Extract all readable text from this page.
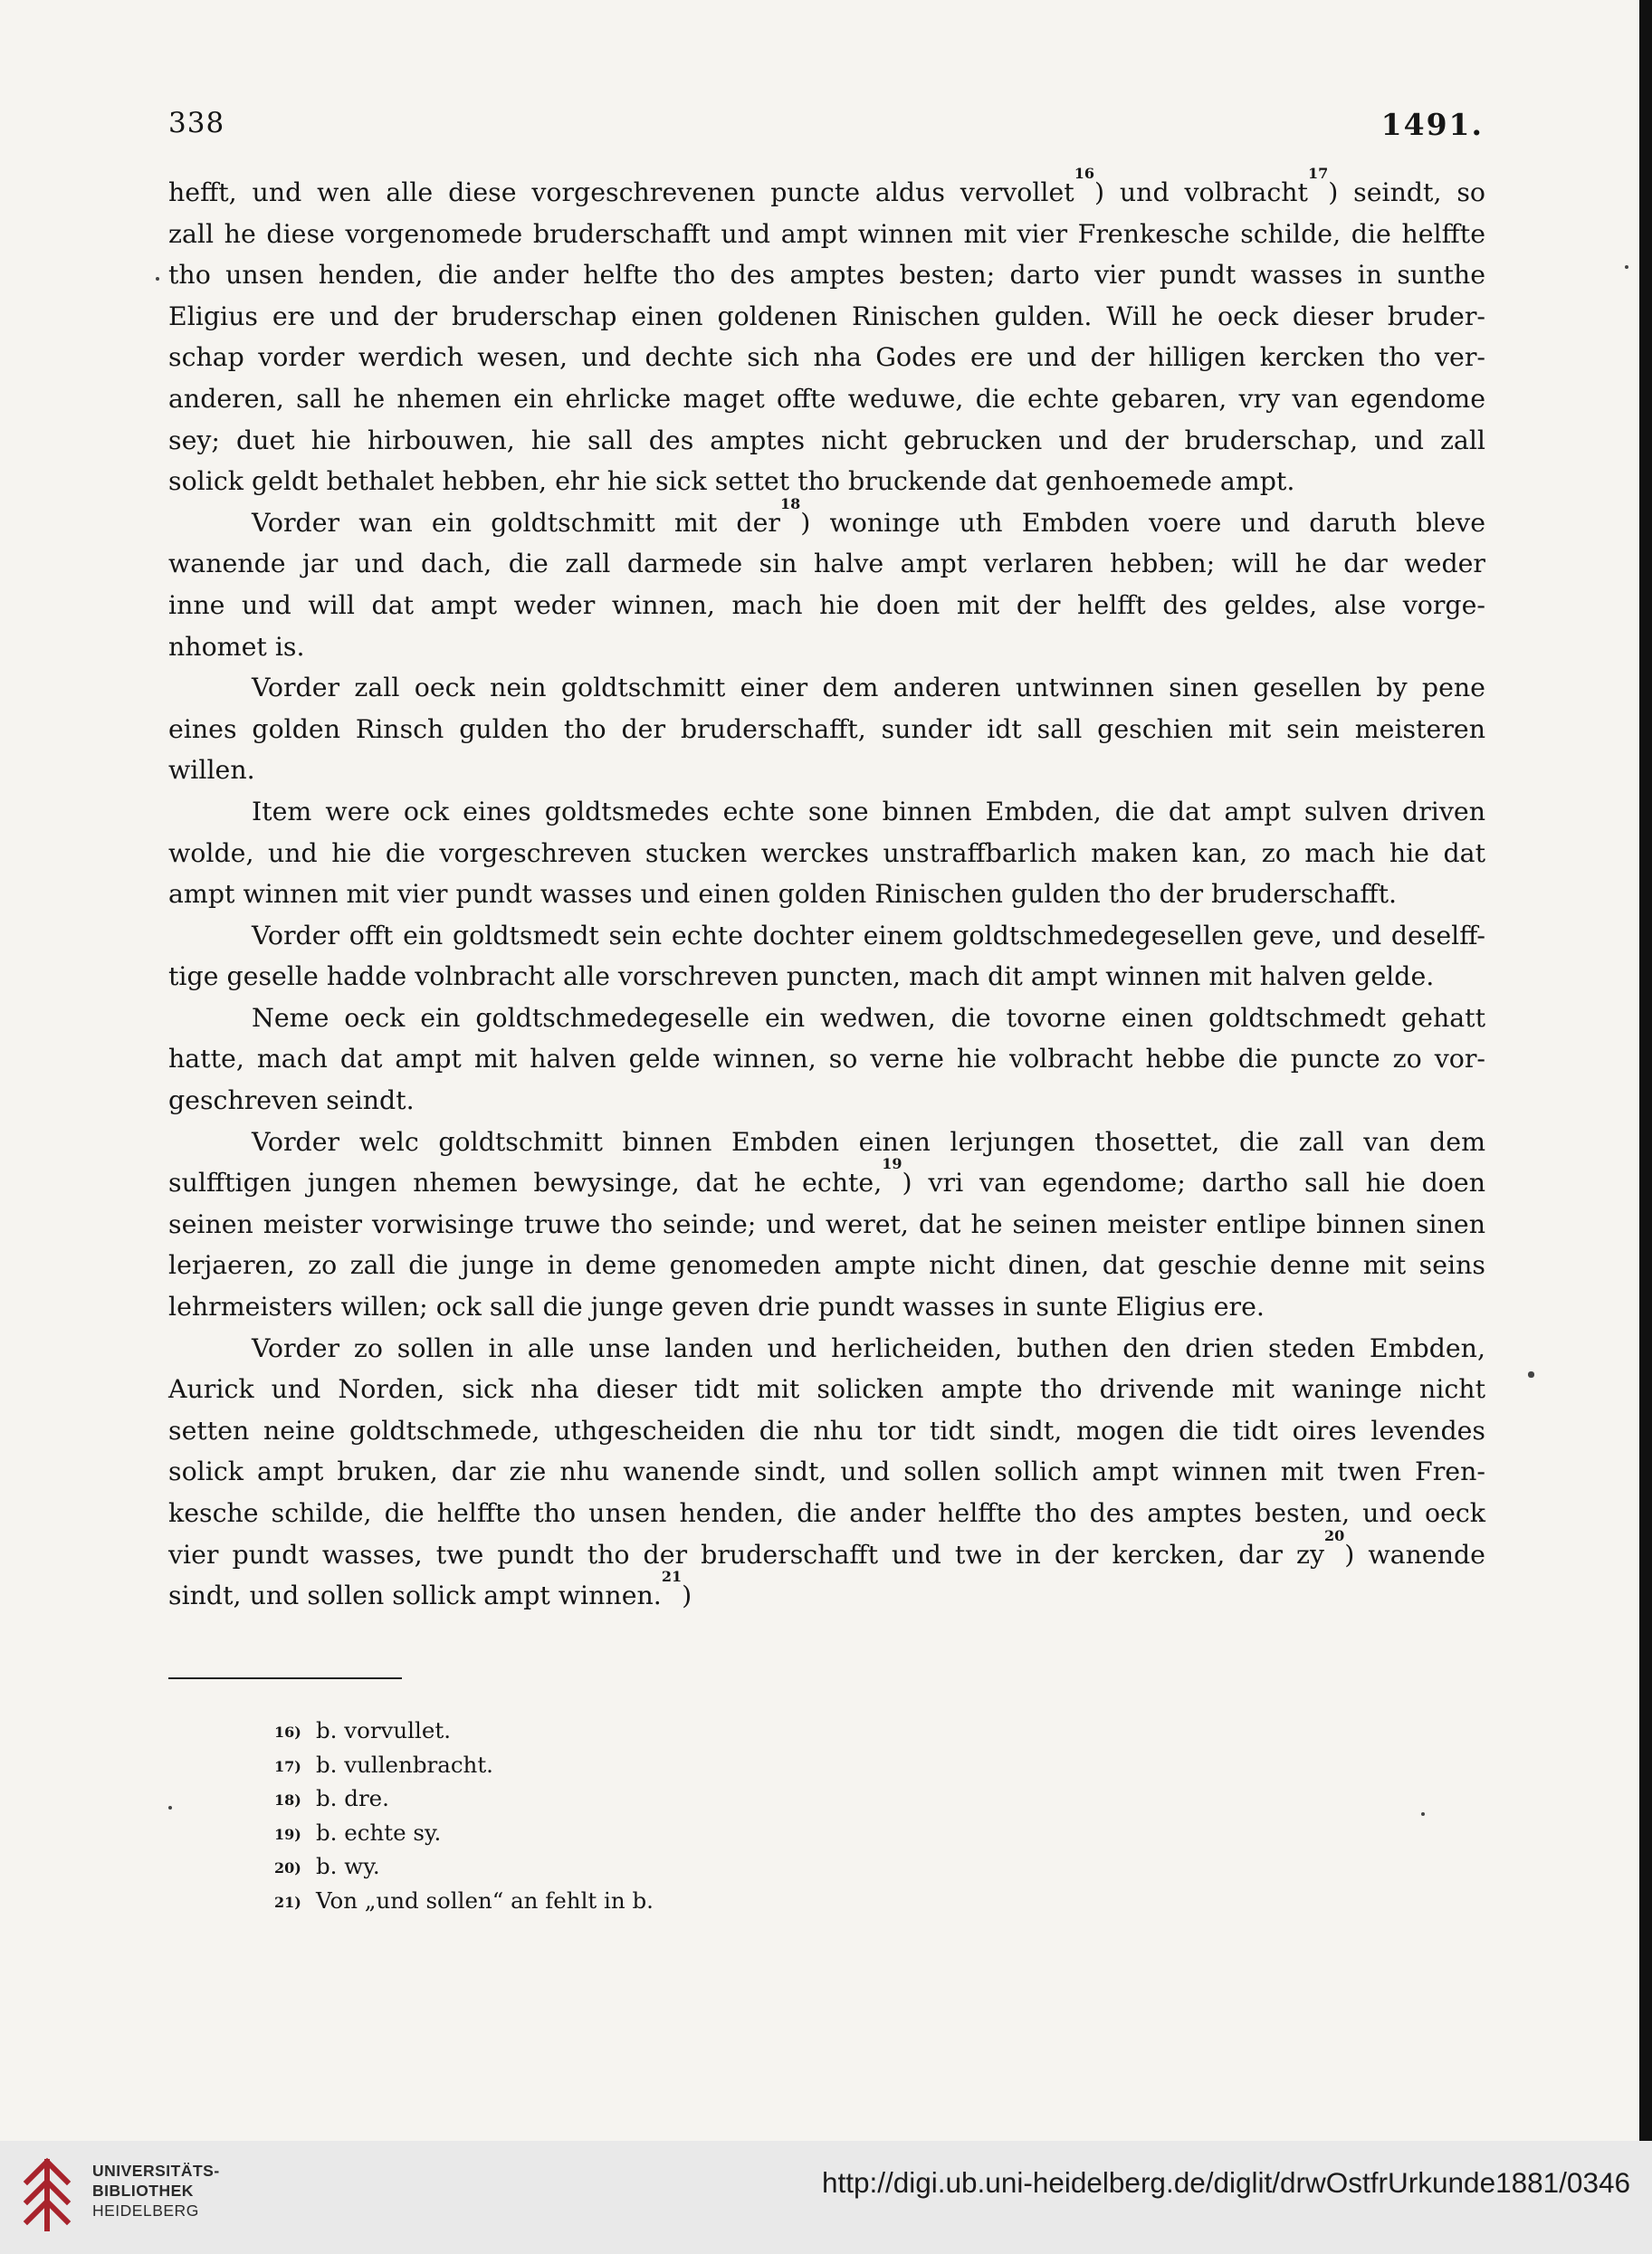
338	1491.
hefft, und wen alle diese vorgeschrevenen puncte aldus vervollet$^{16}$) und volbracht$^{17}$) seindt, so
zall he diese vorgenomede bruderschafft und ampt winnen mit vier Frenkesche schilde, die helffte
tho unsen henden, die ander helfte tho des amptes besten; darto vier pundt wasses in sunthe
Eligius ere und der bruderschap einen goldenen Rinischen gulden. Will he oeck dieser bruder-
schap vorder werdich wesen, und dechte sich nha Godes ere und der hilligen kercken tho ver-
anderen, sall he nhemen ein ehrlicke maget offte weduwe, die echte gebaren, vry van egendome
sey; duet hie hirbouwen, hie sall des amptes nicht gebrucken und der bruderschap, und zall
solick geldt bethalet hebben, ehr hie sick settet tho bruckende dat genhoemede ampt.
Vorder wan ein goldtschmitt mit der$^{18}$) woninge uth Embden voere und daruth bleve
wanende jar und dach, die zall darmede sin halve ampt verlaren hebben; will he dar weder
inne und will dat ampt weder winnen, mach hie doen mit der helfft des geldes, alse vorge-
nhomet is.
Vorder zall oeck nein goldtschmitt einer dem anderen untwinnen sinen gesellen by pene
eines golden Rinsch gulden tho der bruderschafft, sunder idt sall geschien mit sein meisteren
willen.
Item were ock eines goldtsmedes echte sone binnen Embden, die dat ampt sulven driven
wolde, und hie die vorgeschreven stucken werckes unstraffbarlich maken kan, zo mach hie dat
ampt winnen mit vier pundt wasses und einen golden Rinischen gulden tho der bruderschafft.
Vorder offt ein goldtsmedt sein echte dochter einem goldtschmedegesellen geve, und deselff-
tige geselle hadde volnbracht alle vorschreven puncten, mach dit ampt winnen mit halven gelde.
Neme oeck ein goldtschmedegeselle ein wedwen, die tovorne einen goldtschmedt gehatt
hatte, mach dat ampt mit halven gelde winnen, so verne hie volbracht hebbe die puncte zo vor-
geschreven seindt.
Vorder welc goldtschmitt binnen Embden einen lerjungen thosettet, die zall van dem
sulfftigen jungen nhemen bewysinge, dat he echte,$^{19}$) vri van egendome; dartho sall hie doen
seinen meister vorwisinge truwe tho seinde; und weret, dat he seinen meister entlipe binnen sinen
lerjaeren, zo zall die junge in deme genomeden ampte nicht dinen, dat geschie denne mit seins
lehrmeisters willen; ock sall die junge geven drie pundt wasses in sunte Eligius ere.
Vorder zo sollen in alle unse landen und herlicheiden, buthen den drien steden Embden,
Aurick und Norden, sick nha dieser tidt mit solicken ampte tho drivende mit waninge nicht
setten neine goldtschmede, uthgescheiden die nhu tor tidt sindt, mogen die tidt oires levendes
solick ampt bruken, dar zie nhu wanende sindt, und sollen sollich ampt winnen mit twen Fren-
kesche schilde, die helffte tho unsen henden, die ander helffte tho des amptes besten, und oeck
vier pundt wasses, twe pundt tho der bruderschafft und twe in der kercken, dar $zy^{20}$) wanende
sindt, und sollen sollick ampt winnen.$^{21}$)
16) b. vorvullet.
17) b. vullenbracht.
18) b. dre.
19) b. echte sy.
20) b. wy.
21) Von „und sollen“ an fehlt in b.
UNIVERSITÄTS-
BIBLIOTHEK
HEIDELBERG
http://digi.ub.uni-heidelberg.de/diglit/drwOstfrUrkunde1881/0346
